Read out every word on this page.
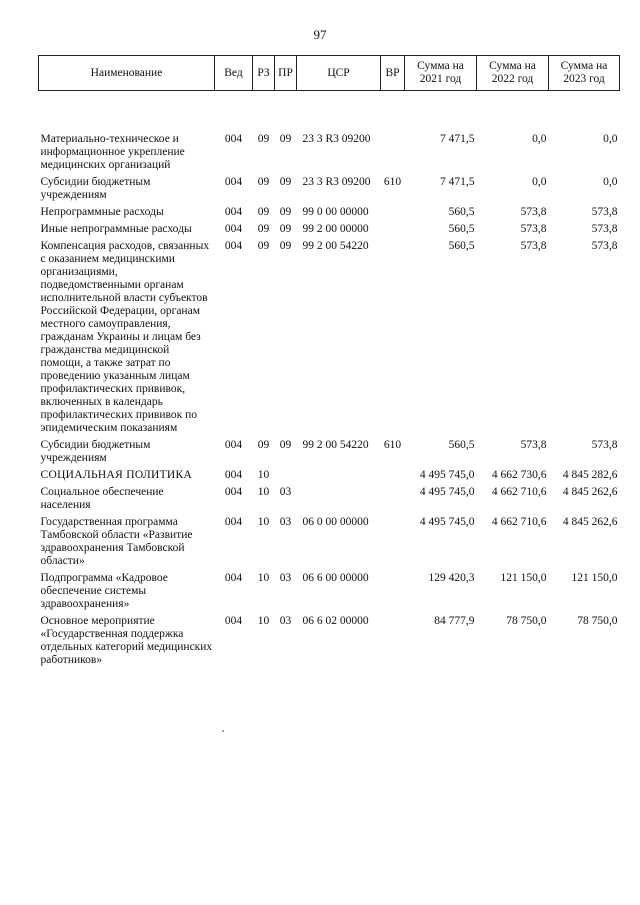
97
Наименование	Вед	РЗ	ПР	ЦСР	ВР	Сумма на 2021 год	Сумма на 2022 год	Сумма на 2023 год
Материально-техническое и информационное укрепление медицинских организаций	004	09	09	23 3 R3 09200		7 471,5	0,0	0,0
Субсидии бюджетным учреждениям	004	09	09	23 3 R3 09200	610	7 471,5	0,0	0,0
Непрограммные расходы	004	09	09	99 0 00 00000		560,5	573,8	573,8
Иные непрограммные расходы	004	09	09	99 2 00 00000		560,5	573,8	573,8
Компенсация расходов, связанных с оказанием медицинскими организациями, подведомственными органам исполнительной власти субъектов Российской Федерации, органам местного самоуправления, гражданам Украины и лицам без гражданства медицинской помощи, а также затрат по проведению указанным лицам профилактических прививок, включенных в календарь профилактических прививок по эпидемическим показаниям	004	09	09	99 2 00 54220		560,5	573,8	573,8
Субсидии бюджетным учреждениям	004	09	09	99 2 00 54220	610	560,5	573,8	573,8
СОЦИАЛЬНАЯ ПОЛИТИКА	004	10				4 495 745,0	4 662 730,6	4 845 282,6
Социальное обеспечение населения	004	10	03			4 495 745,0	4 662 710,6	4 845 262,6
Государственная программа Тамбовской области «Развитие здравоохранения Тамбовской области»	004	10	03	06 0 00 00000		4 495 745,0	4 662 710,6	4 845 262,6
Подпрограмма «Кадровое обеспечение системы здравоохранения»	004	10	03	06 6 00 00000		129 420,3	121 150,0	121 150,0
Основное мероприятие «Государственная поддержка отдельных категорий медицинских работников»	004	10	03	06 6 02 00000		84 777,9	78 750,0	78 750,0
